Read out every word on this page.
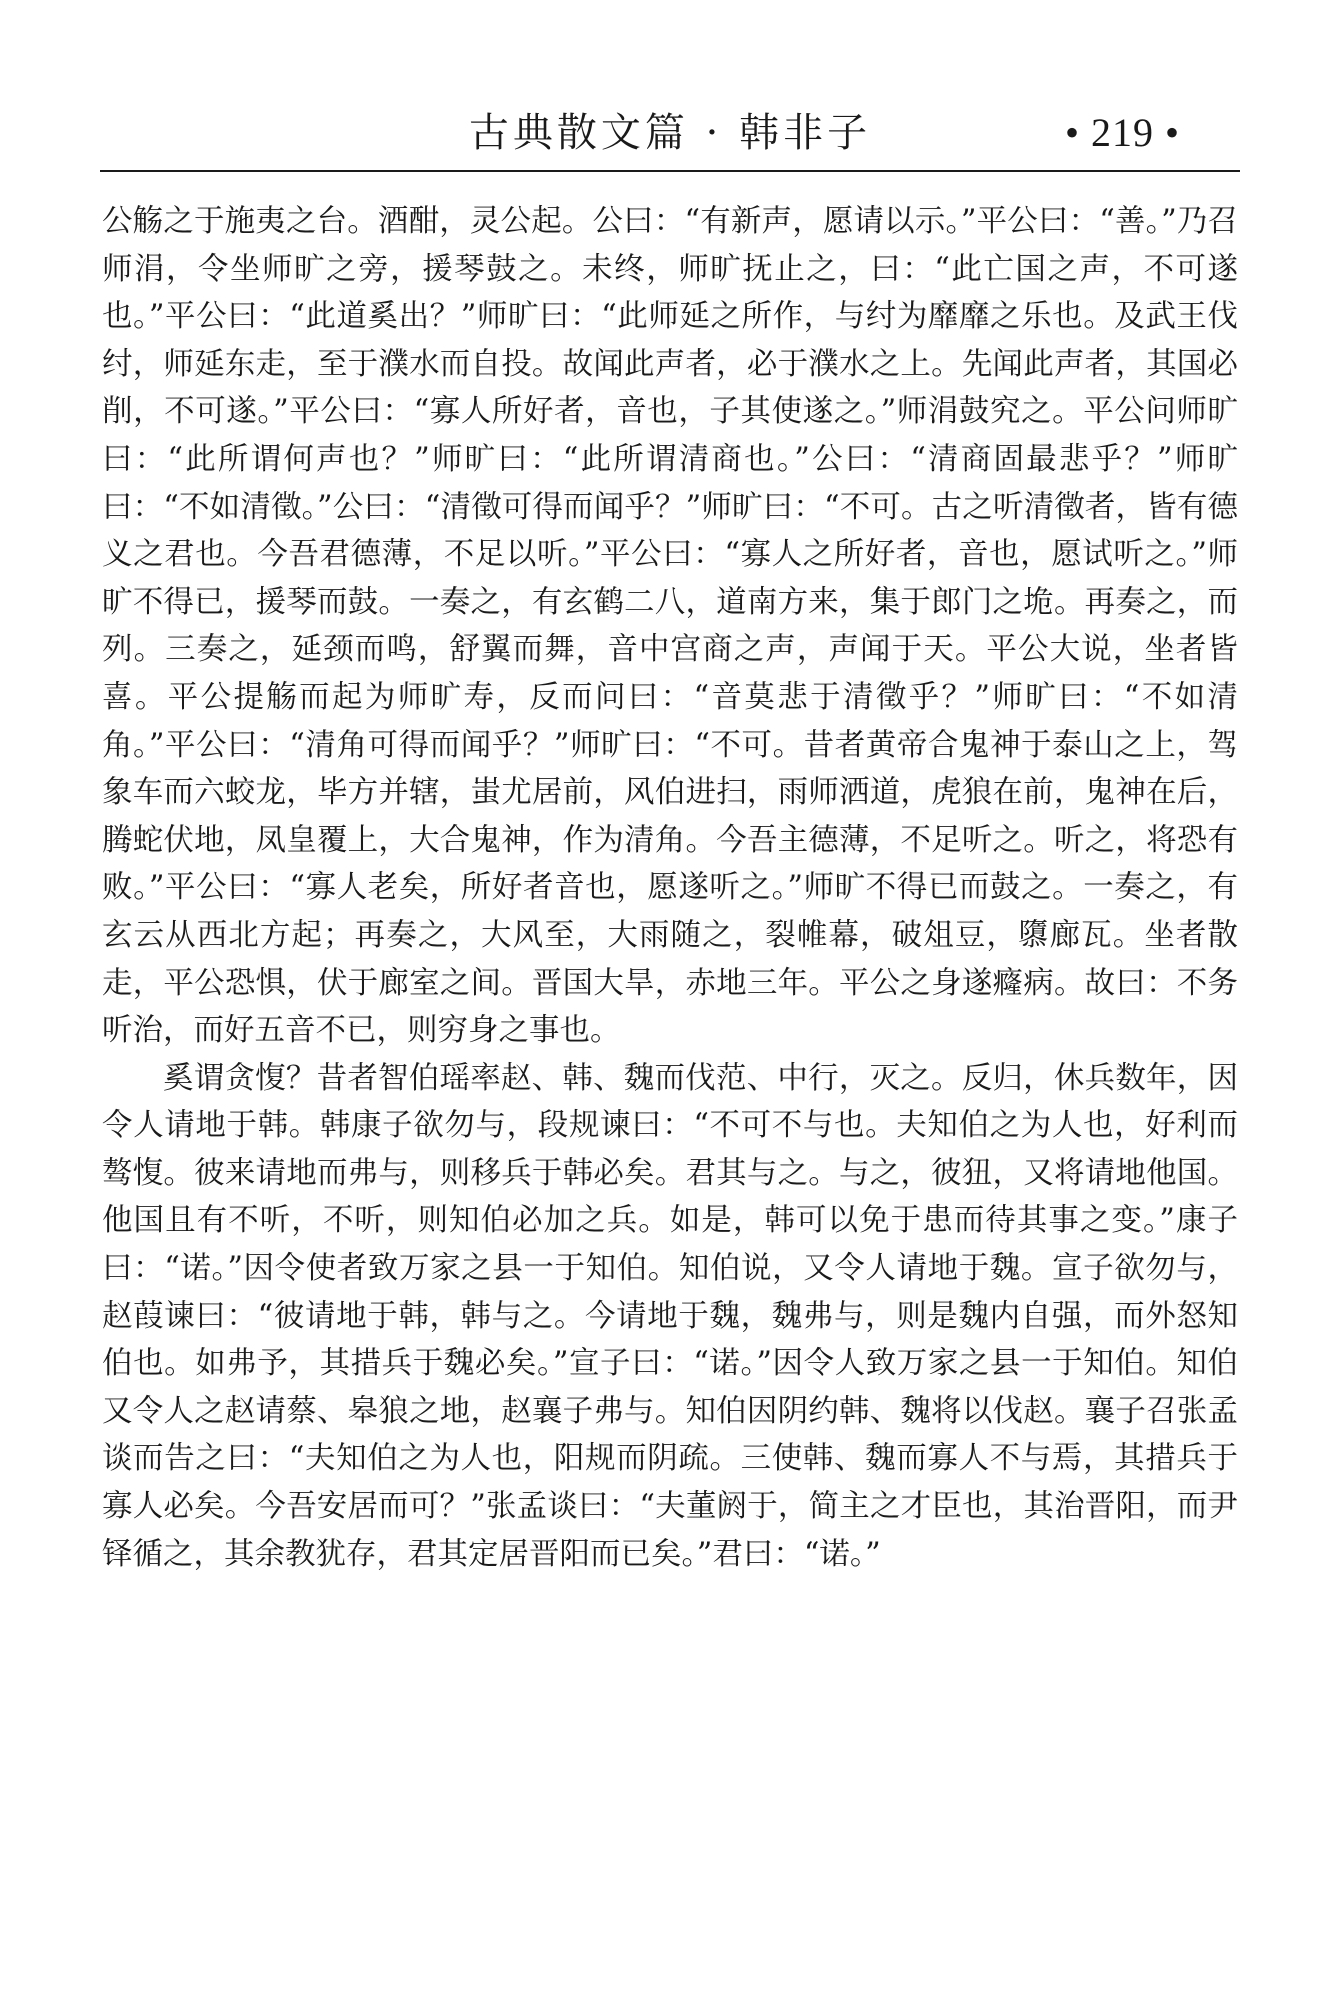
古典散文篇 · 韩非子	• 219 •

公觞之于施夷之台。酒酣，灵公起。公曰：“有新声，愿请以示。”平公曰：“善。”乃召师涓，令坐师旷之旁，援琴鼓之。未终，师旷抚止之，曰：“此亡国之声，不可遂也。”平公曰：“此道奚出？”师旷曰：“此师延之所作，与纣为靡靡之乐也。及武王伐纣，师延东走，至于濮水而自投。故闻此声者，必于濮水之上。先闻此声者，其国必削，不可遂。”平公曰：“寡人所好者，音也，子其使遂之。”师涓鼓究之。平公问师旷曰：“此所谓何声也？”师旷曰：“此所谓清商也。”公曰：“清商固最悲乎？”师旷曰：“不如清徵。”公曰：“清徵可得而闻乎？”师旷曰：“不可。古之听清徵者，皆有德义之君也。今吾君德薄，不足以听。”平公曰：“寡人之所好者，音也，愿试听之。”师旷不得已，援琴而鼓。一奏之，有玄鹤二八，道南方来，集于郎门之垝。再奏之，而列。三奏之，延颈而鸣，舒翼而舞，音中宫商之声，声闻于天。平公大说，坐者皆喜。平公提觞而起为师旷寿，反而问曰：“音莫悲于清徵乎？”师旷曰：“不如清角。”平公曰：“清角可得而闻乎？”师旷曰：“不可。昔者黄帝合鬼神于泰山之上，驾象车而六蛟龙，毕方并辖，蚩尤居前，风伯进扫，雨师洒道，虎狼在前，鬼神在后，腾蛇伏地，凤皇覆上，大合鬼神，作为清角。今吾主德薄，不足听之。听之，将恐有败。”平公曰：“寡人老矣，所好者音也，愿遂听之。”师旷不得已而鼓之。一奏之，有玄云从西北方起；再奏之，大风至，大雨随之，裂帷幕，破俎豆，隳廊瓦。坐者散走，平公恐惧，伏于廊室之间。晋国大旱，赤地三年。平公之身遂癃病。故曰：不务听治，而好五音不已，则穷身之事也。

奚谓贪愎？昔者智伯瑶率赵、韩、魏而伐范、中行，灭之。反归，休兵数年，因令人请地于韩。韩康子欲勿与，段规谏曰：“不可不与也。夫知伯之为人也，好利而骜愎。彼来请地而弗与，则移兵于韩必矣。君其与之。与之，彼狃，又将请地他国。他国且有不听，不听，则知伯必加之兵。如是，韩可以免于患而待其事之变。”康子曰：“诺。”因令使者致万家之县一于知伯。知伯说，又令人请地于魏。宣子欲勿与，赵葭谏曰：“彼请地于韩，韩与之。今请地于魏，魏弗与，则是魏内自强，而外怒知伯也。如弗予，其措兵于魏必矣。”宣子曰：“诺。”因令人致万家之县一于知伯。知伯又令人之赵请蔡、皋狼之地，赵襄子弗与。知伯因阴约韩、魏将以伐赵。襄子召张孟谈而告之曰：“夫知伯之为人也，阳规而阴疏。三使韩、魏而寡人不与焉，其措兵于寡人必矣。今吾安居而可？”张孟谈曰：“夫董阏于，简主之才臣也，其治晋阳，而尹铎循之，其余教犹存，君其定居晋阳而已矣。”君曰：“诺。”
